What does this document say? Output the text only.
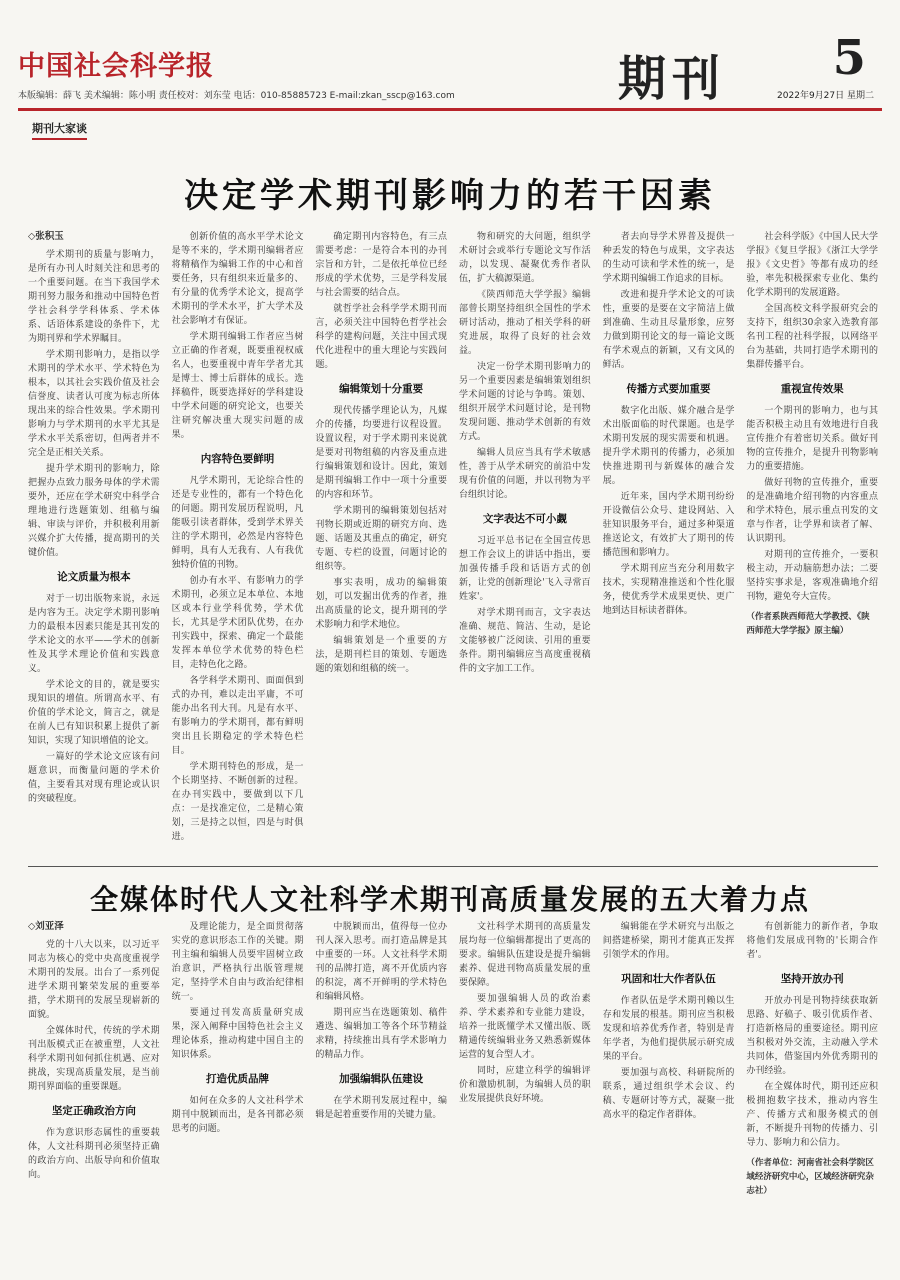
中国社会科学报
本版编辑：薛飞 美术编辑：陈小明 责任校对：刘东莹 电话：010-85885723 E-mail:zkan_sscp@163.com	期刊 5
2022年9月27日 星期二
期刊大家谈
决定学术期刊影响力的若干因素
◇张积玉
学术期刊的质量与影响力，是所有办刊人时刻关注和思考的一个重要问题。在当下我国学术期刊努力服务和推动中国特色哲学社会科学学科体系、学术体系、话语体系建设的条件下，尤为期刊界和学术界瞩目。
学术期刊影响力，是指以学术期刊的学术水平、学术特色为根本，以其社会实践价值及社会信誉度、读者认可度为标志所体现出来的综合性效果。学术期刊影响力与学术期刊的水平尤其是学术水平关系密切，但两者并不完全是正相关关系。
提升学术期刊的影响力，除把握办点致力服务母体的学术需要外，还应在学术研究中科学合理地进行选题策划、组稿与编辑、审读与评价，并积极利用新兴媒介扩大传播，提高期刊的关键价值。
论文质量为根本
对于一切出版物来说，永远是内容为王。决定学术期刊影响力的最根本因素只能是其刊发的学术论文的水平——学术的创新性及其学术理论价值和实践意义。
学术论文的目的，就是要实现知识的增值。所谓高水平、有价值的学术论文，简言之，就是在前人已有知识积累上提供了新知识，实现了知识增值的论文。
一篇好的学术论文应该有问题意识，而衡量问题的学术价值，主要看其对现有理论或认识的突破程度。
创新价值的高水平学术论文是等不来的，学术期刊编辑者应将精稿作为编辑工作的中心和首要任务，只有组织来近量多的、有分量的优秀学术论文，提高学术期刊的学术水平，扩大学术及社会影响才有保证。
学术期刊编辑工作者应当树立正确的作者观，既要重视权威名人，也要重视中青年学者尤其是博士、博士后群体的成长。选择稿件，既要选择好的学科建设中学术问题的研究论文，也要关注研究解决重大现实问题的成果。
内容特色要鲜明
凡学术期刊，无论综合性的还是专业性的，都有一个特色化的问题。期刊发展历程说明，凡能吸引读者群体，受到学术界关注的学术期刊，必然是内容特色鲜明，具有人无我有、人有我优独特价值的刊物。
创办有水平、有影响力的学术期刊，必须立足本单位、本地区或本行业学科优势，学术优长，尤其是学术团队优势，在办刊实践中，探索、确定一个最能发挥本单位学术优势的特色栏目，走特色化之路。
各学科学术期刊、面面俱到式的办刊，难以走出平庸，不可能办出名刊大刊。凡是有水平、有影响力的学术期刊，都有鲜明突出且长期稳定的学术特色栏目。
学术期刊特色的形成，是一个长期坚持、不断创新的过程。在办刊实践中，要做到以下几点：一是找准定位，二是精心策划，三是持之以恒，四是与时俱进。
确定期刊内容特色，有三点需要考虑：一是符合本刊的办刊宗旨和方针，二是依托单位已经形成的学术优势，三是学科发展与社会需要的结合点。
就哲学社会科学学术期刊而言，必须关注中国特色哲学社会科学的建构问题，关注中国式现代化进程中的重大理论与实践问题。
编辑策划十分重要
现代传播学理论认为，凡媒介的传播，均要进行议程设置。设置议程，对于学术期刊来说就是要对刊物组稿的内容及重点进行编辑策划和设计。因此，策划是期刊编辑工作中一项十分重要的内容和环节。
学术期刊的编辑策划包括对刊物长期或近期的研究方向、选题、话题及其重点的确定，研究专题、专栏的设置，问题讨论的组织等。
事实表明，成功的编辑策划，可以发掘出优秀的作者，推出高质量的论文，提升期刊的学术影响力和学术地位。
编辑策划是一个重要的方法，是期刊栏目的策划、专题选题的策划和组稿的统一。
物和研究的大问题，组织学术研讨会或举行专题论文写作活动，以发现、凝聚优秀作者队伍，扩大稿源渠道。
《陕西师范大学学报》编辑部曾长期坚持组织全国性的学术研讨活动，推动了相关学科的研究进展，取得了良好的社会效益。
决定一份学术期刊影响力的另一个重要因素是编辑策划组织学术问题的讨论与争鸣。策划、组织开展学术问题讨论，是刊物发现问题、推动学术创新的有效方式。
编辑人员应当具有学术敏感性，善于从学术研究的前沿中发现有价值的问题，并以刊物为平台组织讨论。
文字表达不可小觑
习近平总书记在全国宣传思想工作会议上的讲话中指出，要加强传播手段和话语方式的创新，让党的创新理论'飞入寻常百姓家'。
对学术期刊而言，文字表达准确、规范、简洁、生动，是论文能够被广泛阅读、引用的重要条件。期刊编辑应当高度重视稿件的文字加工工作。
者去向导学术界普及提供一种丢发的特色与成果，文字表达的生动可读和学术性的统一，是学术期刊编辑工作追求的目标。
改进和提升学术论文的可读性，重要的是要在文字简洁上做到准确、生动且尽量形象，应努力做到期刊论文的每一篇论文既有学术观点的新颖，又有文风的鲜活。
传播方式要加重要
数字化出版、媒介融合是学术出版面临的时代课题。也是学术期刊发展的现实需要和机遇。提升学术期刊的传播力，必须加快推进期刊与新媒体的融合发展。
近年来，国内学术期刊纷纷开设微信公众号、建设网站、入驻知识服务平台，通过多种渠道推送论文，有效扩大了期刊的传播范围和影响力。
学术期刊应当充分利用数字技术，实现精准推送和个性化服务，使优秀学术成果更快、更广地到达目标读者群体。
社会科学版》《中国人民大学学报》《复旦学报》《浙江大学学报》《文史哲》等都有成功的经验，率先积极探索专业化、集约化学术期刊的发展道路。
全国高校文科学报研究会的支持下，组织30余家入选教育部名刊工程的社科学报，以网络平台为基础，共同打造学术期刊的集群传播平台。
重视宣传效果
一个期刊的影响力，也与其能否积极主动且有效地进行自我宣传推介有着密切关系。做好刊物的宣传推介，是提升刊物影响力的重要措施。
做好刊物的宣传推介，重要的是准确地介绍刊物的内容重点和学术特色，展示重点刊发的文章与作者，让学界和读者了解、认识期刊。
对期刊的宣传推介，一要积极主动，开动脑筋想办法；二要坚持实事求是，客观准确地介绍刊物，避免夸大宣传。
（作者系陕西师范大学教授、《陕西师范大学学报》原主编）
全媒体时代人文社科学术期刊高质量发展的五大着力点
◇刘亚泽
党的十八大以来，以习近平同志为核心的党中央高度重视学术期刊的发展。出台了一系列促进学术期刊繁荣发展的重要举措，学术期刊的发展呈现崭新的面貌。
全媒体时代，传统的学术期刊出版模式正在被重塑，人文社科学术期刊如何抓住机遇、应对挑战，实现高质量发展，是当前期刊界面临的重要课题。
坚定正确政治方向
作为意识形态属性的重要载体，人文社科期刊必须坚持正确的政治方向、出版导向和价值取向。
及理论能力，是全面贯彻落实党的意识形态工作的关键。期刊主编和编辑人员要牢固树立政治意识，严格执行出版管理规定，坚持学术自由与政治纪律相统一。
要通过刊发高质量研究成果，深入阐释中国特色社会主义理论体系，推动构建中国自主的知识体系。
打造优质品牌
如何在众多的人文社科学术期刊中脱颖而出，是各刊都必须思考的问题。
中脱颖而出，值得每一位办刊人深入思考。而打造品牌是其中重要的一环。人文社科学术期刊的品牌打造，离不开优质内容的积淀，离不开鲜明的学术特色和编辑风格。
期刊应当在选题策划、稿件遴选、编辑加工等各个环节精益求精，持续推出具有学术影响力的精品力作。
加强编辑队伍建设
在学术期刊发展过程中，编辑是起着重要作用的关键力量。
文社科学术期刊的高质量发展均每一位编辑都提出了更高的要求。编辑队伍建设是提升编辑素养、促进刊物高质量发展的重要保障。
要加强编辑人员的政治素养、学术素养和专业能力建设，培养一批既懂学术又懂出版、既精通传统编辑业务又熟悉新媒体运营的复合型人才。
同时，应建立科学的编辑评价和激励机制，为编辑人员的职业发展提供良好环境。
编辑能在学术研究与出版之间搭建桥梁，期刊才能真正发挥引领学术的作用。
巩固和壮大作者队伍
作者队伍是学术期刊赖以生存和发展的根基。期刊应当积极发现和培养优秀作者，特别是青年学者，为他们提供展示研究成果的平台。
要加强与高校、科研院所的联系，通过组织学术会议、约稿、专题研讨等方式，凝聚一批高水平的稳定作者群体。
有创新能力的新作者，争取将他们发展成刊物的'长期合作者'。
坚持开放办刊
开放办刊是刊物持续获取新思路、好稿子、吸引优质作者、打造新格局的重要途径。期刊应当积极对外交流，主动融入学术共同体，借鉴国内外优秀期刊的办刊经验。
在全媒体时代，期刊还应积极拥抱数字技术，推动内容生产、传播方式和服务模式的创新，不断提升刊物的传播力、引导力、影响力和公信力。
（作者单位：河南省社会科学院区域经济研究中心，区域经济研究杂志社）
